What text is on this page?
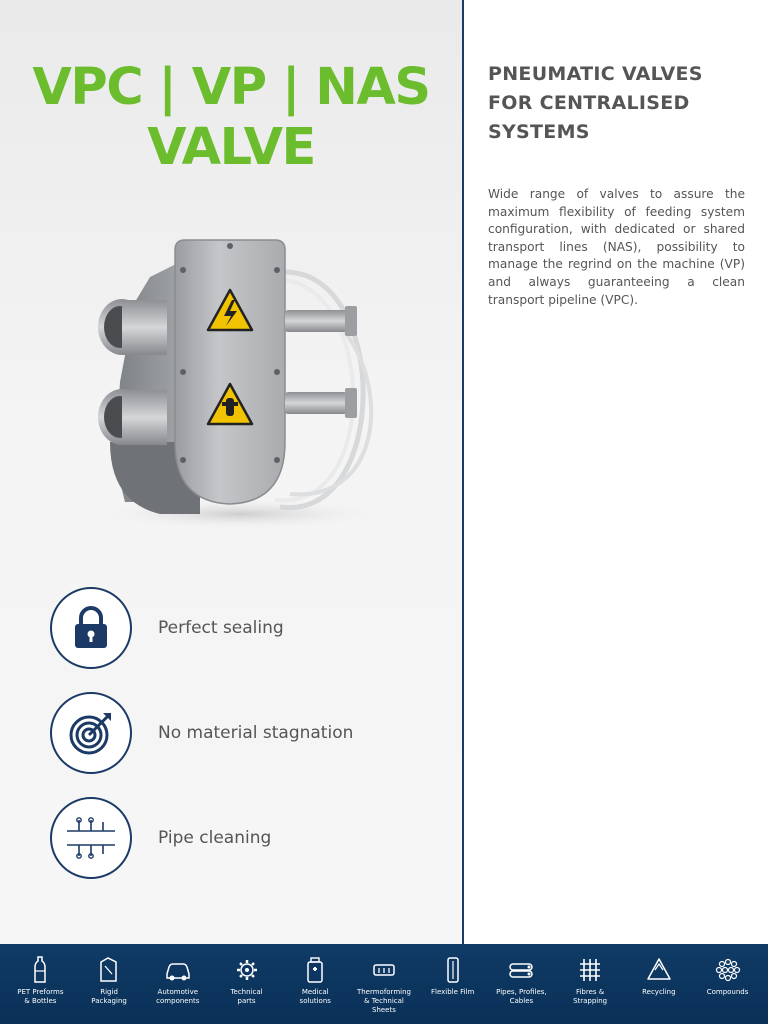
VPC | VP | NAS
VALVE
Perfect sealing
No material stagnation
Pipe cleaning
PNEUMATIC VALVES FOR CENTRALISED SYSTEMS

Wide range of valves to assure the maximum flexibility of feeding system configuration, with dedicated or shared transport lines (NAS), possibility to manage the regrind on the machine (VP) and always guaranteeing a clean transport pipeline (VPC).

PET Preforms
& Bottles
Rigid
Packaging
Automotive
components
Technical
parts
Medical
solutions
Thermoforming
& Technical Sheets
Flexible Film	Pipes, Profiles,
Cables
Fibres &
Strapping
Recycling	Compounds
